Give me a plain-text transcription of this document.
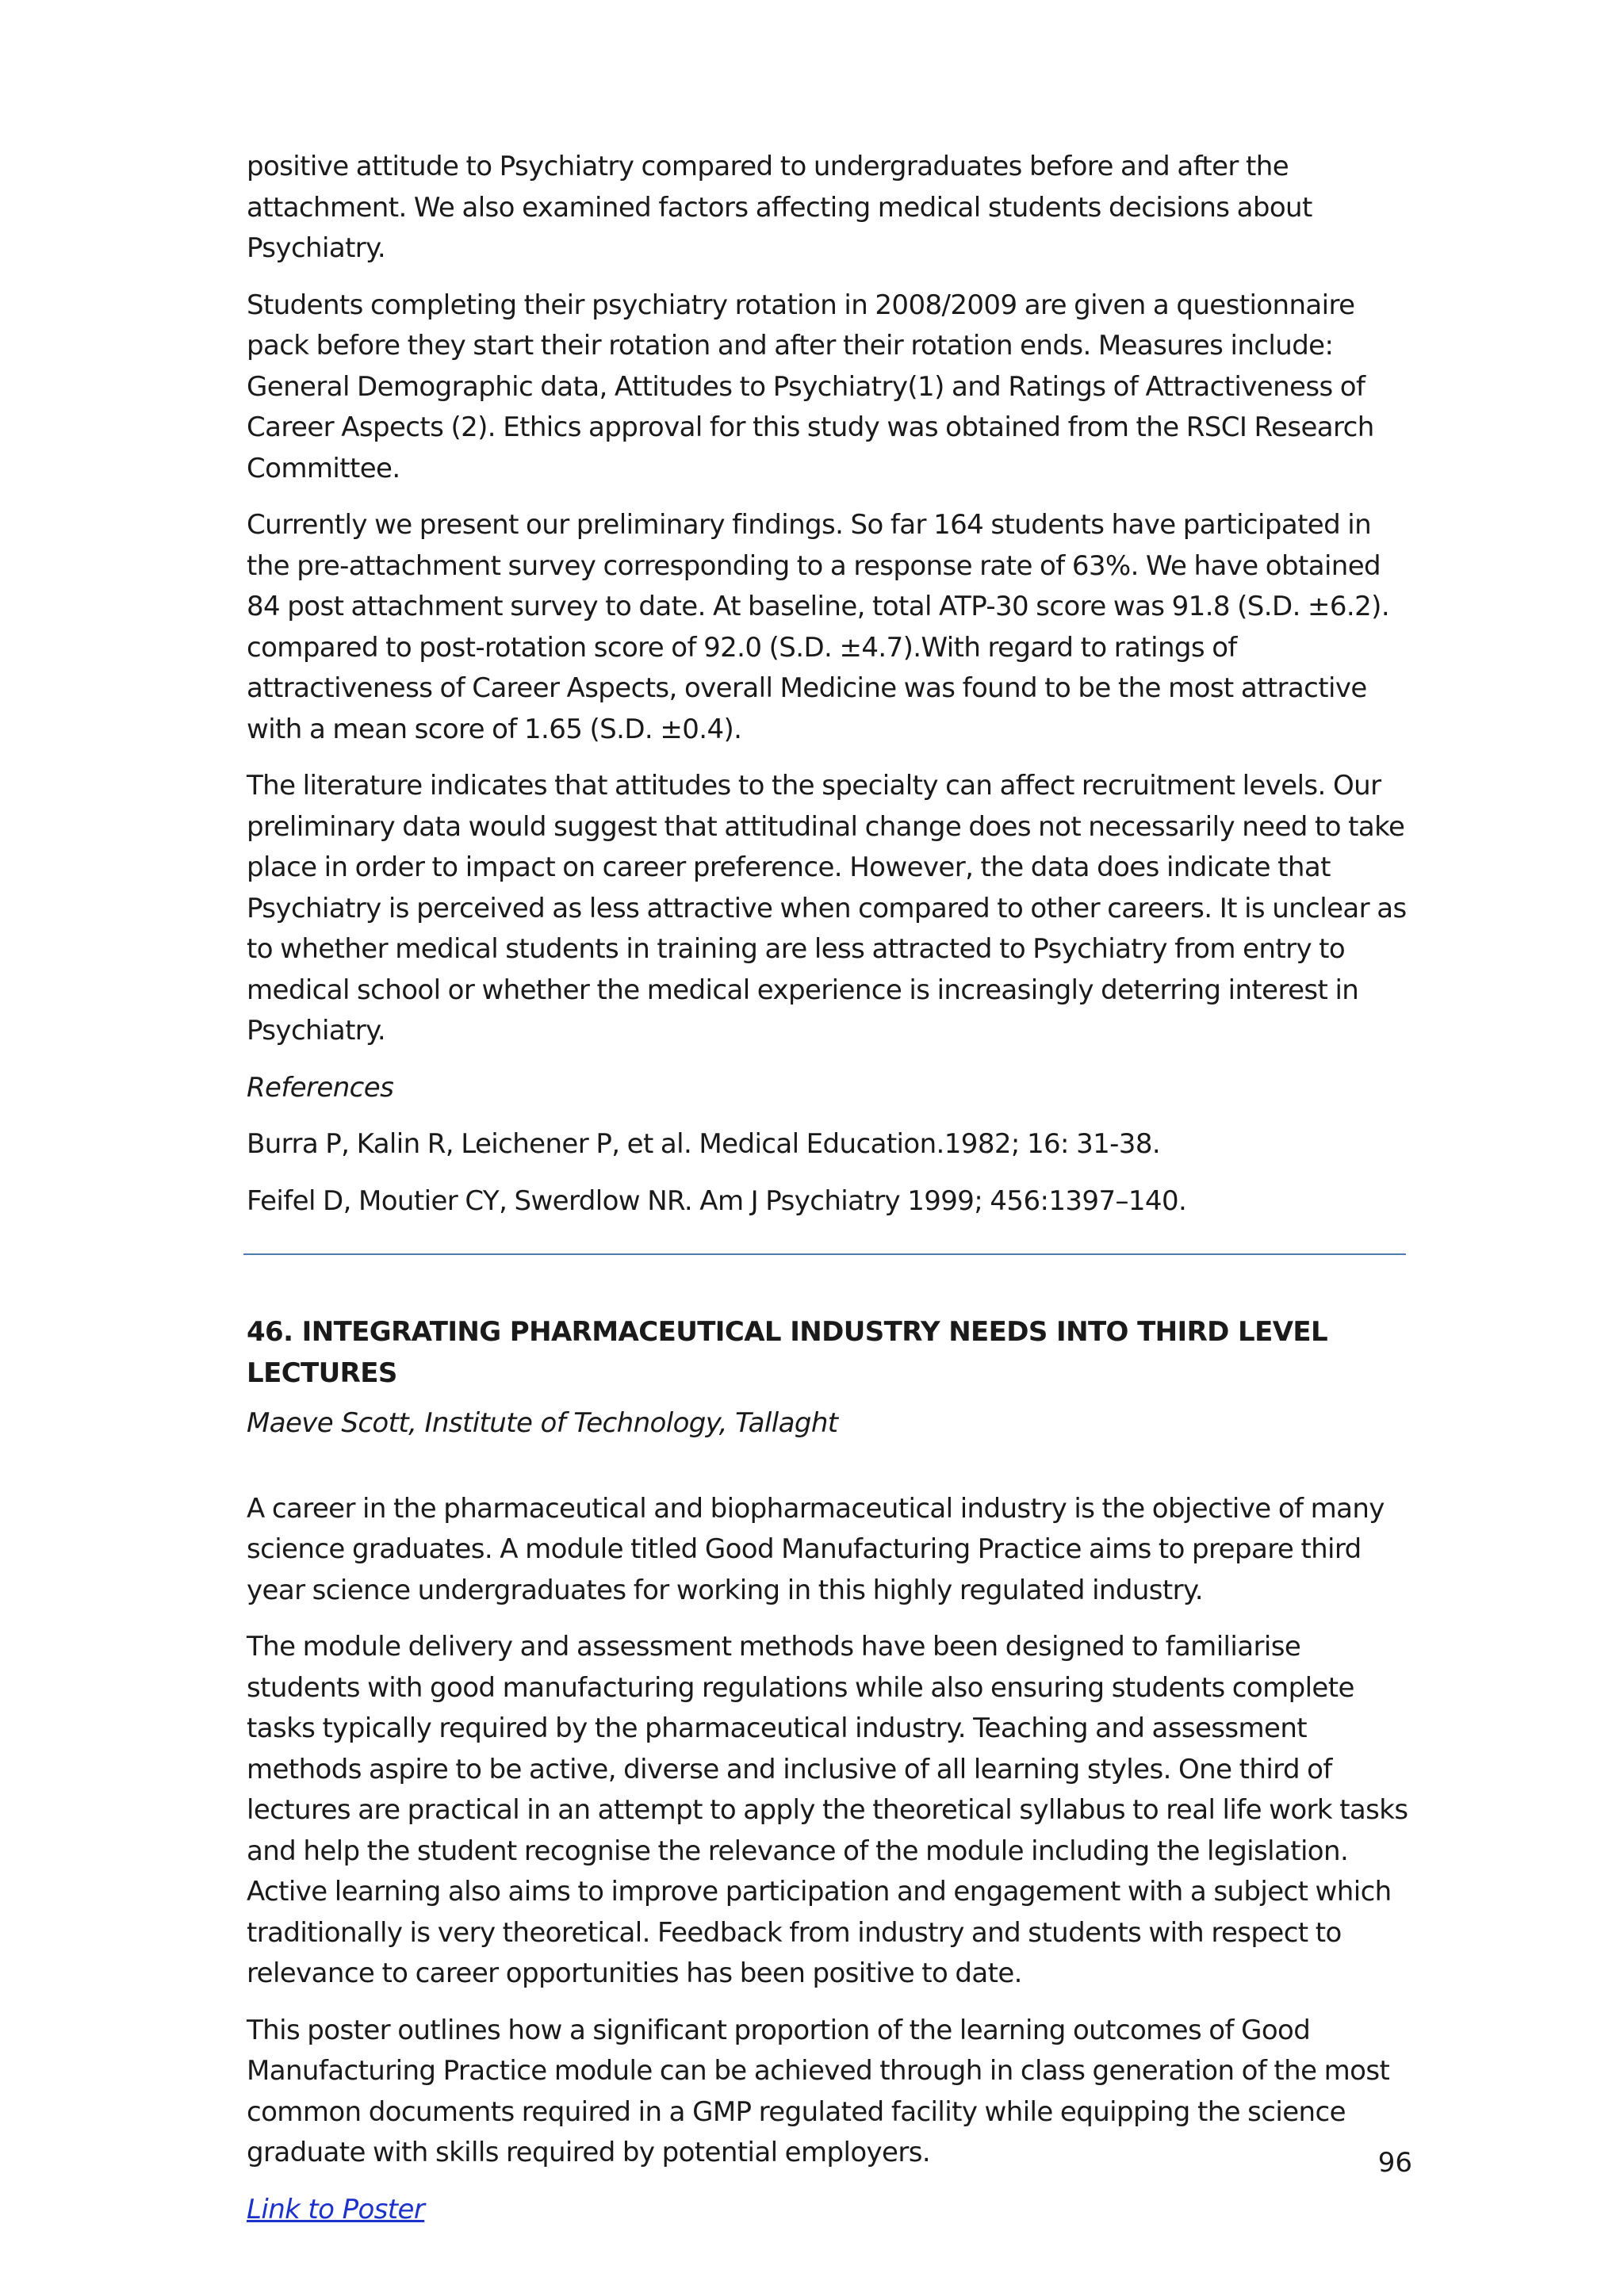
positive attitude to Psychiatry compared to undergraduates before and after the attachment. We also examined factors affecting medical students decisions about Psychiatry.

Students completing their psychiatry rotation in 2008/2009 are given a questionnaire pack before they start their rotation and after their rotation ends. Measures include: General Demographic data, Attitudes to Psychiatry(1) and Ratings of Attractiveness of Career Aspects (2). Ethics approval for this study was obtained from the RSCI Research Committee.

Currently we present our preliminary findings. So far 164 students have participated in the pre-attachment survey corresponding to a response rate of 63%. We have obtained 84 post attachment survey to date. At baseline, total ATP-30 score was 91.8 (S.D. ±6.2). compared to post-rotation score of 92.0 (S.D. ±4.7).With regard to ratings of attractiveness of Career Aspects, overall Medicine was found to be the most attractive with a mean score of 1.65 (S.D. ±0.4).

The literature indicates that attitudes to the specialty can affect recruitment levels. Our preliminary data would suggest that attitudinal change does not necessarily need to take place in order to impact on career preference. However, the data does indicate that Psychiatry is perceived as less attractive when compared to other careers. It is unclear as to whether medical students in training are less attracted to Psychiatry from entry to medical school or whether the medical experience is increasingly deterring interest in Psychiatry.

References

Burra P, Kalin R, Leichener P, et al. Medical Education.1982; 16: 31-38.

Feifel D, Moutier CY, Swerdlow NR. Am J Psychiatry 1999; 456:1397–140.

46. INTEGRATING PHARMACEUTICAL INDUSTRY NEEDS INTO THIRD LEVEL LECTURES
Maeve Scott, Institute of Technology, Tallaght

A career in the pharmaceutical and biopharmaceutical industry is the objective of many science graduates. A module titled Good Manufacturing Practice aims to prepare third year science undergraduates for working in this highly regulated industry.

The module delivery and assessment methods have been designed to familiarise students with good manufacturing regulations while also ensuring students complete tasks typically required by the pharmaceutical industry. Teaching and assessment methods aspire to be active, diverse and inclusive of all learning styles. One third of lectures are practical in an attempt to apply the theoretical syllabus to real life work tasks and help the student recognise the relevance of the module including the legislation. Active learning also aims to improve participation and engagement with a subject which traditionally is very theoretical. Feedback from industry and students with respect to relevance to career opportunities has been positive to date.

This poster outlines how a significant proportion of the learning outcomes of Good Manufacturing Practice module can be achieved through in class generation of the most common documents required in a GMP regulated facility while equipping the science graduate with skills required by potential employers.

Link to Poster
96
